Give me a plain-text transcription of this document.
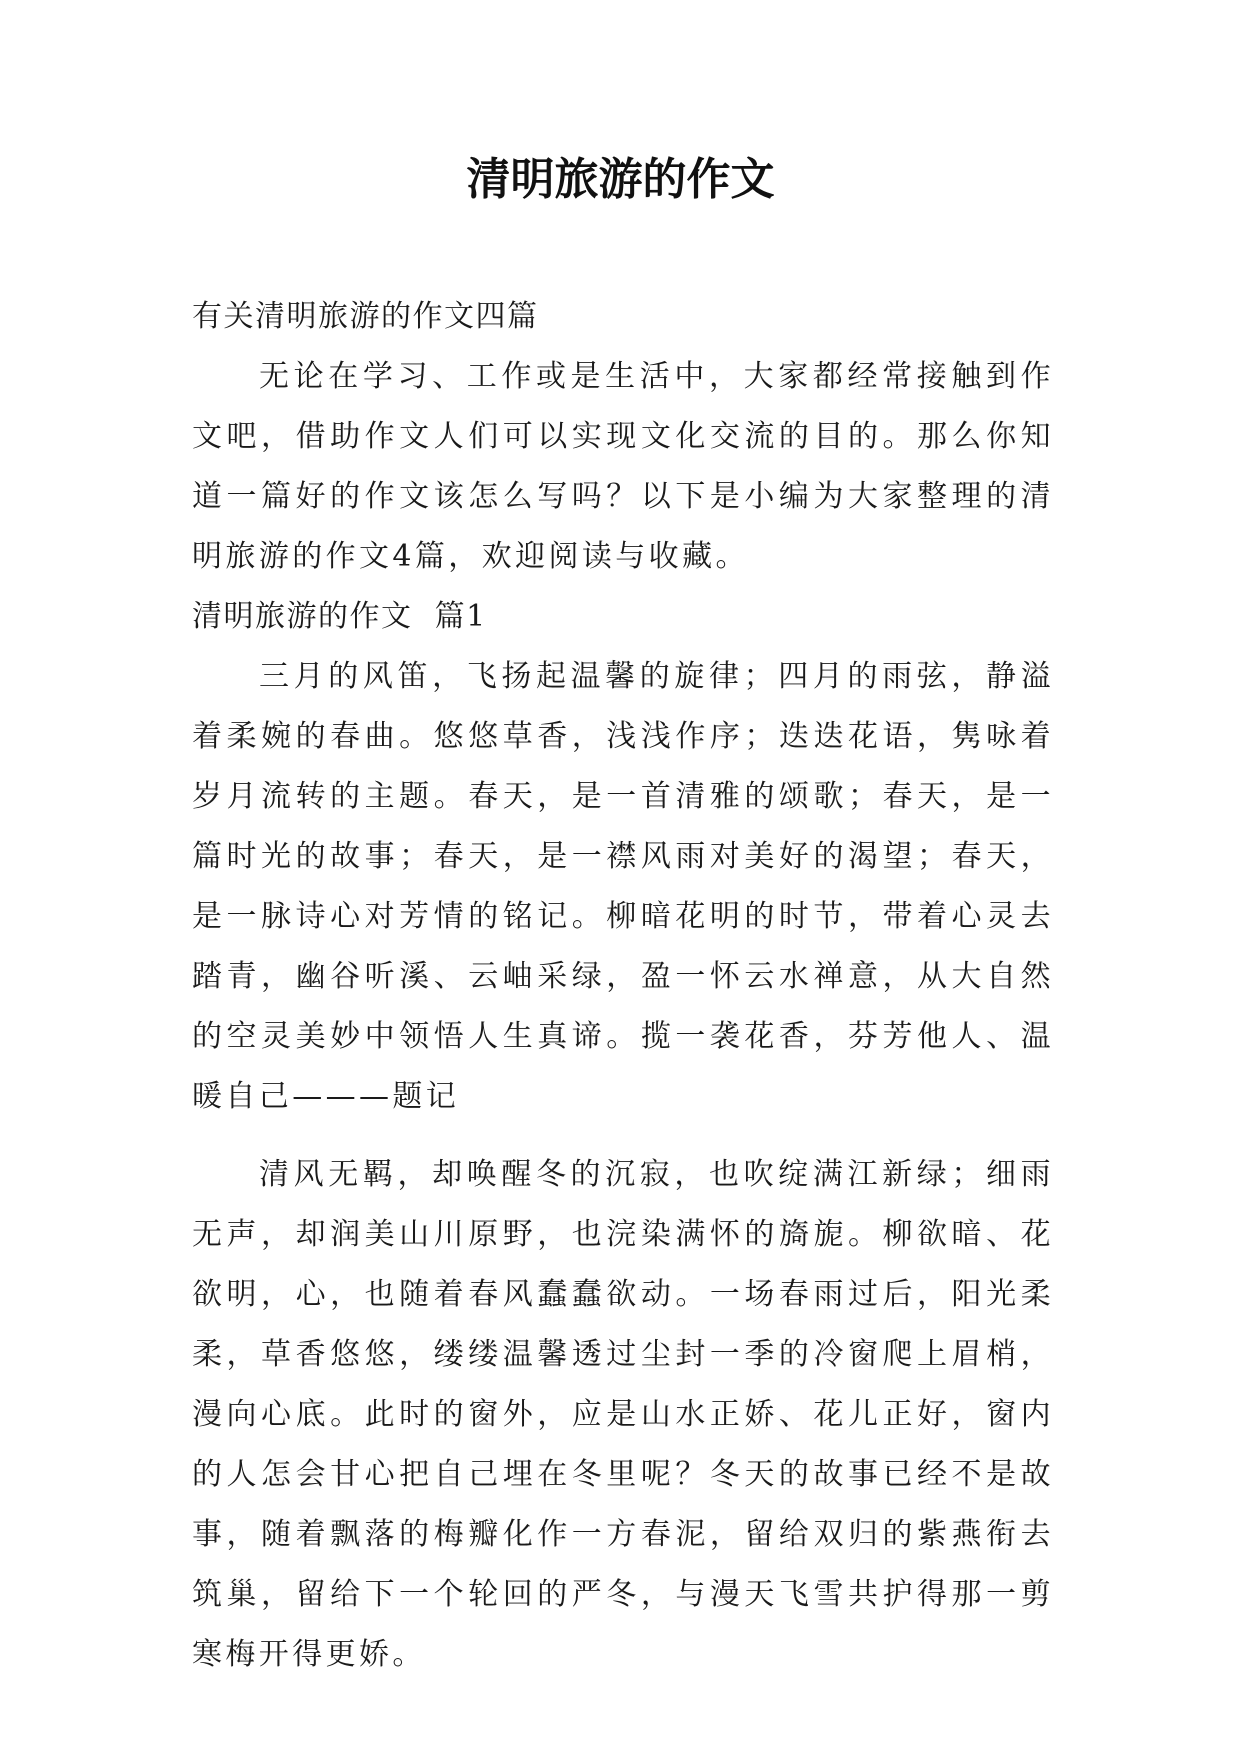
清明旅游的作文

有关清明旅游的作文四篇

无论在学习、工作或是生活中，大家都经常接触到作文吧，借助作文人们可以实现文化交流的目的。那么你知道一篇好的作文该怎么写吗？以下是小编为大家整理的清明旅游的作文4篇，欢迎阅读与收藏。

清明旅游的作文  篇1

三月的风笛，飞扬起温馨的旋律；四月的雨弦，静溢着柔婉的春曲。悠悠草香，浅浅作序；迭迭花语，隽咏着岁月流转的主题。春天，是一首清雅的颂歌；春天，是一篇时光的故事；春天，是一襟风雨对美好的渴望；春天，是一脉诗心对芳情的铭记。柳暗花明的时节，带着心灵去踏青，幽谷听溪、云岫采绿，盈一怀云水禅意，从大自然的空灵美妙中领悟人生真谛。揽一袭花香，芬芳他人、温暖自己———题记

清风无羁，却唤醒冬的沉寂，也吹绽满江新绿；细雨无声，却润美山川原野，也浣染满怀的旖旎。柳欲暗、花欲明，心，也随着春风蠢蠢欲动。一场春雨过后，阳光柔柔，草香悠悠，缕缕温馨透过尘封一季的冷窗爬上眉梢，漫向心底。此时的窗外，应是山水正娇、花儿正好，窗内的人怎会甘心把自己埋在冬里呢？冬天的故事已经不是故事，随着飘落的梅瓣化作一方春泥，留给双归的紫燕衔去筑巢，留给下一个轮回的严冬，与漫天飞雪共护得那一剪寒梅开得更娇。
